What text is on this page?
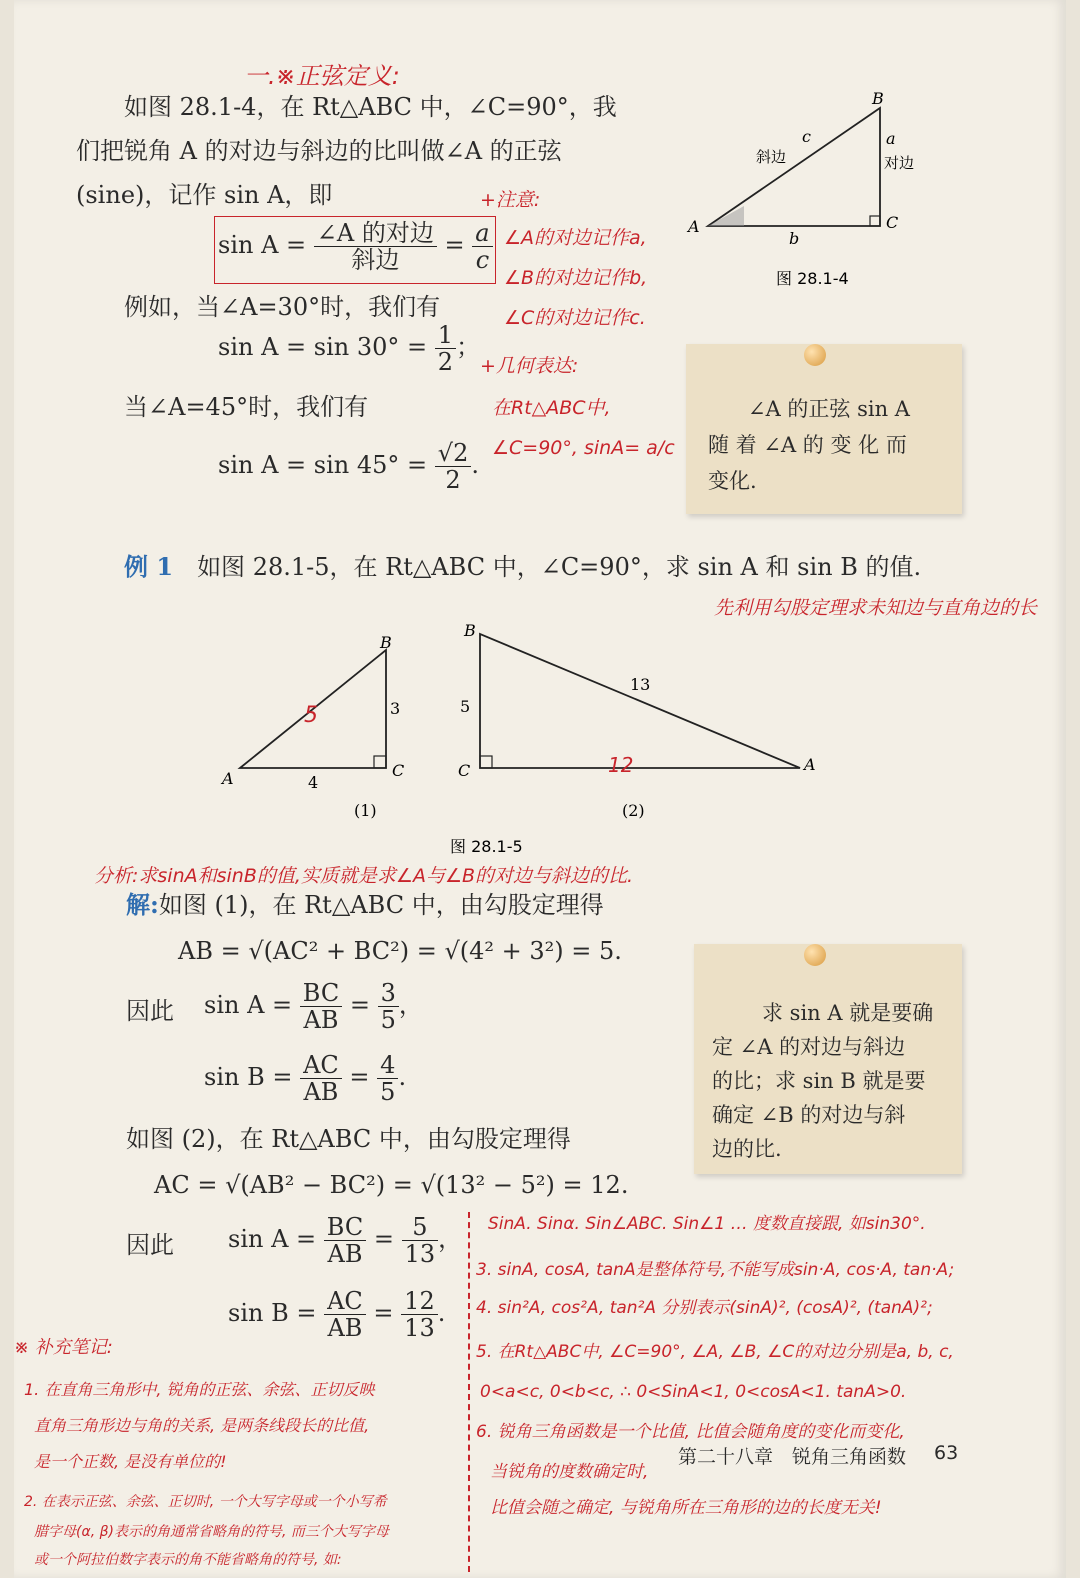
一.※正弦定义:
如图 28.1-4，在 Rt△ABC 中，∠C=90°，我
们把锐角 A 的对边与斜边的比叫做∠A 的正弦
(sine)，记作 sin A，即
$\sin A = \frac{\text{∠A 的对边}}{\text{斜边}} = \frac{a}{c}$
例如，当∠A=30°时，我们有
$\sin A = \sin 30^\circ = \frac{1}{2}$ ；
当∠A=45°时，我们有
$\sin A = \sin 45^\circ = \frac{√2}{2}$ .
A
B
C
a
b
c
斜边	对边
图 28.1-4
+注意:
∠A的对边记作a,
∠B的对边记作b,
∠C的对边记作c.
+几何表达:
在Rt△ABC中,
∠C=90°, sinA= a/c
∠A 的正弦 sin A
随 着 ∠A 的 变 化 而
变化.
例 1　 如图 28.1-5，在 Rt△ABC 中，∠C=90°，求 sin A 和 sin B 的值.
先利用勾股定理求未知边与直角边的长
A
B
C
3
4
5
(1)
B
C	A
5
13
12
(2)
图 28.1-5
分析:求sinA和sinB的值,实质就是求∠A与∠B的对边与斜边的比.
解:如图 (1)，在 Rt△ABC 中，由勾股定理得
AB = √(AC² + BC²) = √(4² + 3²) = 5.
因此 $\sin A = \frac{BC}{AB} = \frac{3}{5}$ ，
$\sin B = \frac{AC}{AB} = \frac{4}{5}$ .
如图 (2)，在 Rt△ABC 中，由勾股定理得
AC = √(AB² − BC²) = √(13² − 5²) = 12.
因此 $\sin A = \frac{BC}{AB} = \frac{5}{13}$ ，
$\sin B = \frac{AC}{AB} = \frac{12}{13}$ .
求 sin A 就是要确
定 ∠A 的对边与斜边
的比；求 sin B 就是要
确定 ∠B 的对边与斜
边的比.
SinA. Sinα. Sin∠ABC. Sin∠1 … 度数直接跟, 如sin30°.
3. sinA, cosA, tanA是整体符号,不能写成sin·A, cos·A, tan·A;
4. sin²A, cos²A, tan²A 分别表示(sinA)², (cosA)², (tanA)²;
5. 在Rt△ABC中, ∠C=90°, ∠A, ∠B, ∠C的对边分别是a, b, c,
0<a<c, 0<b<c, ∴ 0<SinA<1, 0<cosA<1. tanA>0.
6. 锐角三角函数是一个比值, 比值会随角度的变化而变化,
当锐角的度数确定时,
比值会随之确定, 与锐角所在三角形的边的长度无关!
※ 补充笔记:
1. 在直角三角形中, 锐角的正弦、余弦、正切反映
直角三角形边与角的关系, 是两条线段长的比值,
是一个正数, 是没有单位的!
2. 在表示正弦、余弦、正切时, 一个大写字母或一个小写希
腊字母(α, β)表示的角通常省略角的符号, 而三个大写字母
或一个阿拉伯数字表示的角不能省略角的符号, 如:
第二十八章　锐角三角函数 63
